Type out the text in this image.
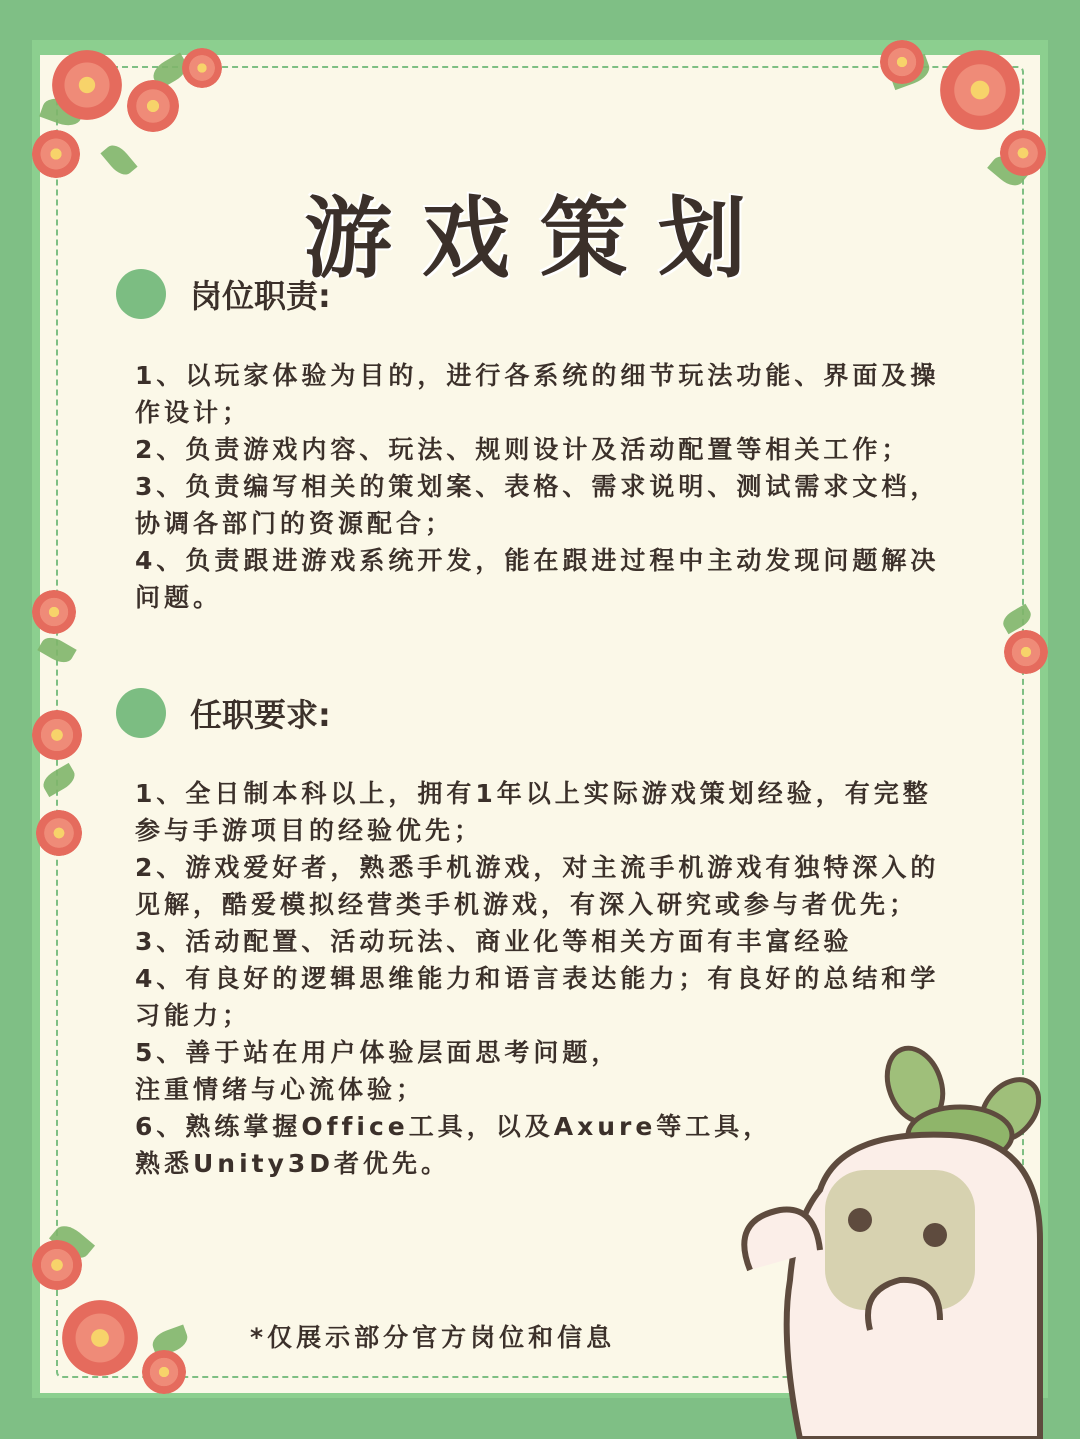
游戏策划
岗位职责:
1、以玩家体验为目的，进行各系统的细节玩法功能、界面及操作设计；
2、负责游戏内容、玩法、规则设计及活动配置等相关工作；
3、负责编写相关的策划案、表格、需求说明、测试需求文档，协调各部门的资源配合；
4、负责跟进游戏系统开发，能在跟进过程中主动发现问题解决问题。
任职要求:
1、全日制本科以上，拥有1年以上实际游戏策划经验，有完整参与手游项目的经验优先；
2、游戏爱好者，熟悉手机游戏，对主流手机游戏有独特深入的见解，酷爱模拟经营类手机游戏，有深入研究或参与者优先；
3、活动配置、活动玩法、商业化等相关方面有丰富经验
4、有良好的逻辑思维能力和语言表达能力；有良好的总结和学习能力；
5、善于站在用户体验层面思考问题，
注重情绪与心流体验；
6、熟练掌握Office工具，以及Axure等工具，
熟悉Unity3D者优先。
*仅展示部分官方岗位和信息
